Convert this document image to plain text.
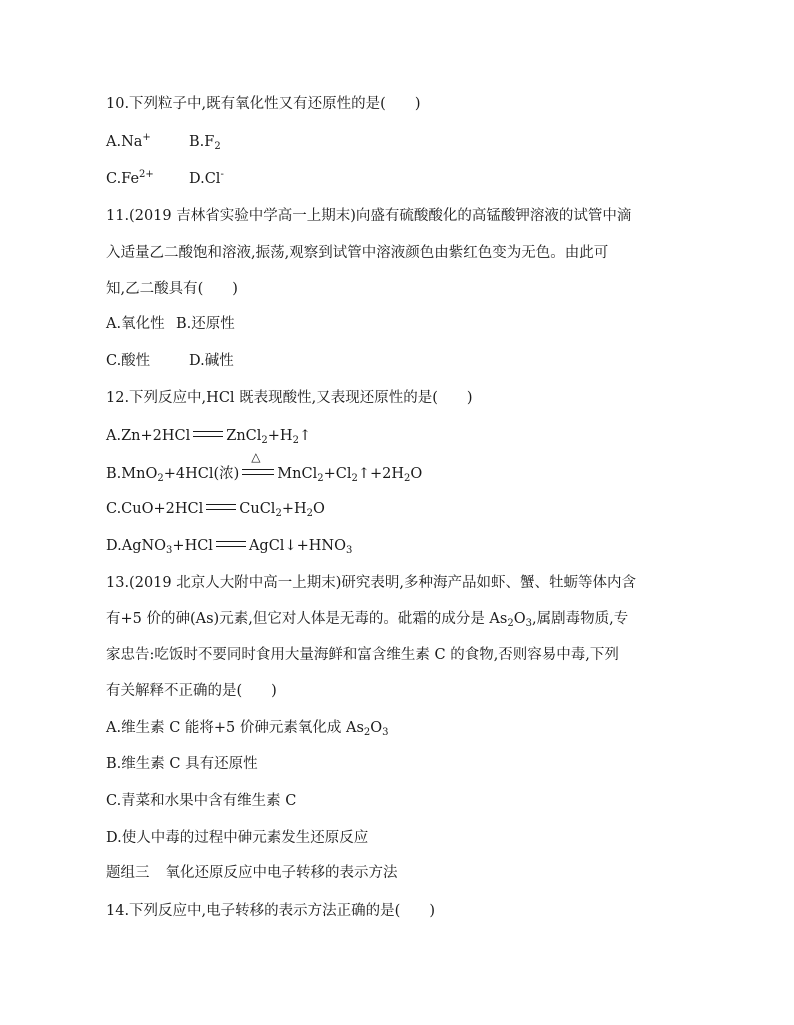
10.下列粒子中,既有氧化性又有还原性的是(　　)
A.Na+	$B.F_2$
$C.Fe^{2+}$ D.Cl-
11.(2019 吉林省实验中学高一上期末)向盛有硫酸酸化的高锰酸钾溶液的试管中滴
入适量乙二酸饱和溶液,振荡,观察到试管中溶液颜色由紫红色变为无色。由此可
知,乙二酸具有(　　)
A.氧化性 B.还原性
C.酸性	D.碱性
12.下列反应中,HCl 既表现酸性,又表现还原性的是(　　)
A.Zn+2HCl $ZnCl_2+H_2↑$
B.MnO$_2$+4HCl(浓)
△
$MnCl_2+Cl_2↑+2H_2O$
C.CuO+2HCl $CuCl_2+H_2O$
D.AgNO$_3$+HCl $AgCl↓+HNO_3$
13.(2019 北京人大附中高一上期末)研究表明,多种海产品如虾、蟹、牡蛎等体内含
有+5 价的砷(As)元素,但它对人体是无毒的。砒霜的成分是 $As_2O_3$,属剧毒物质,专
家忠告:吃饭时不要同时食用大量海鲜和富含维生素 C 的食物,否则容易中毒,下列
有关解释不正确的是(　　)
A.维生素 C 能将+5 价砷元素氧化成 $As_2O_3$
B.维生素 C 具有还原性
C.青菜和水果中含有维生素 C
D.使人中毒的过程中砷元素发生还原反应
题组三 氧化还原反应中电子转移的表示方法
14.下列反应中,电子转移的表示方法正确的是(　　)
